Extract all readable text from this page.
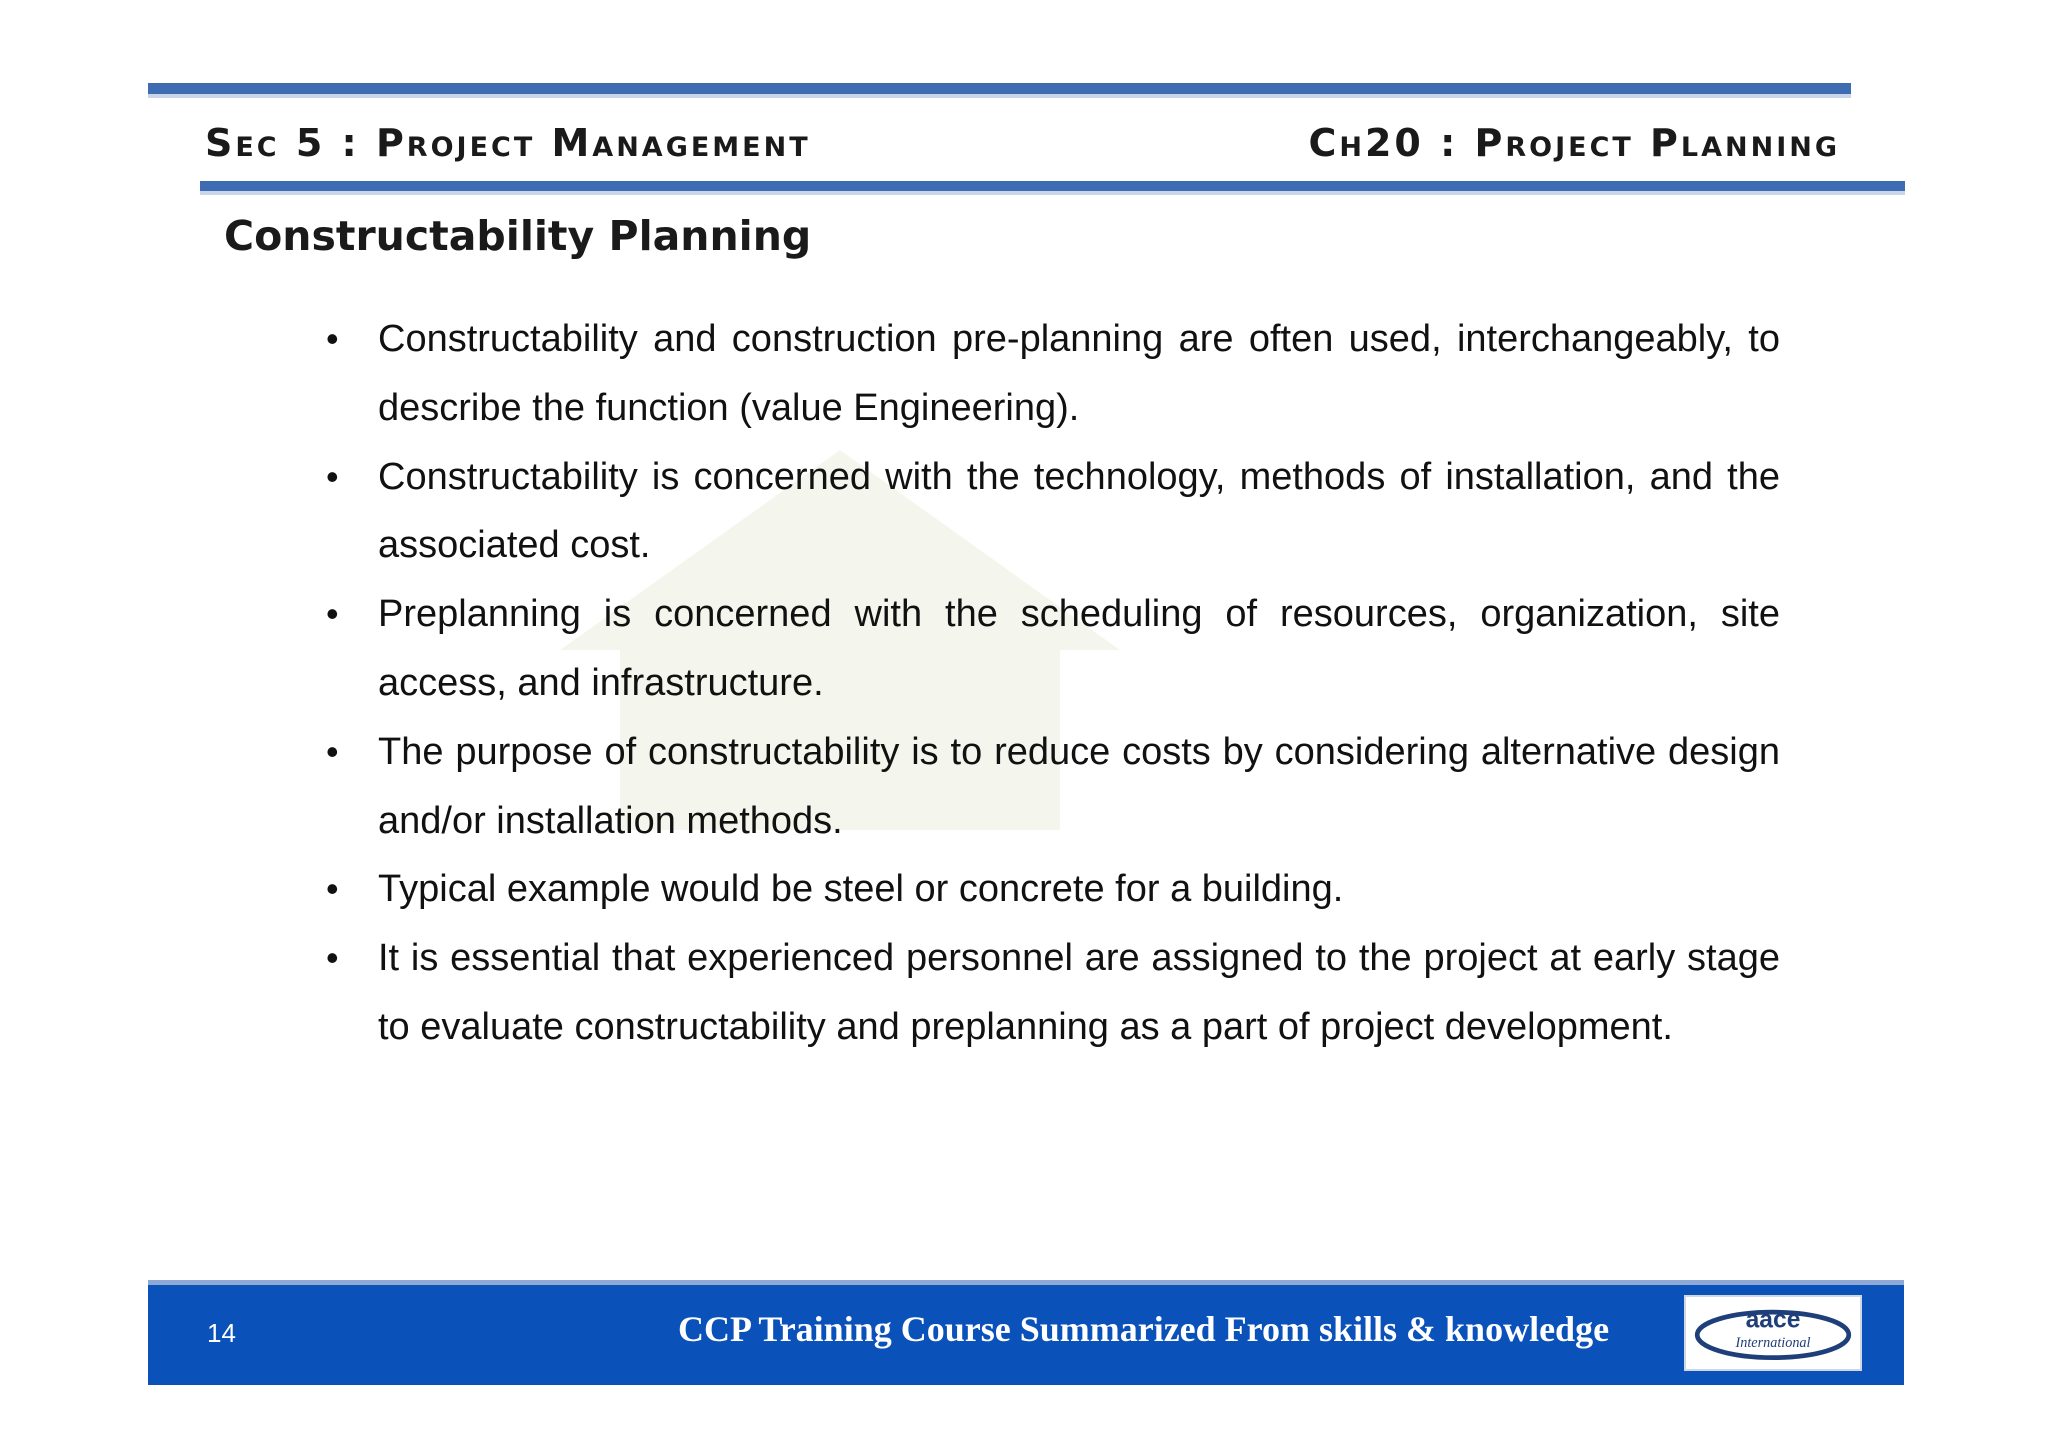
Sec 5 : Project Management	Ch20 : Project Planning
Constructability Planning
• Constructability and construction pre-planning are often used, interchangeably, to describe the function (value Engineering).
• Constructability is concerned with the technology, methods of installation, and the associated cost.
• Preplanning is concerned with the scheduling of resources, organization, site access, and infrastructure.
• The purpose of constructability is to reduce costs by considering alternative design and/or installation methods.
• Typical example would be steel or concrete for a building.
• It is essential that experienced personnel are assigned to the project at early stage to evaluate constructability and preplanning as a part of project development.
14	CCP Training Course Summarized From skills & knowledge	aace
International
